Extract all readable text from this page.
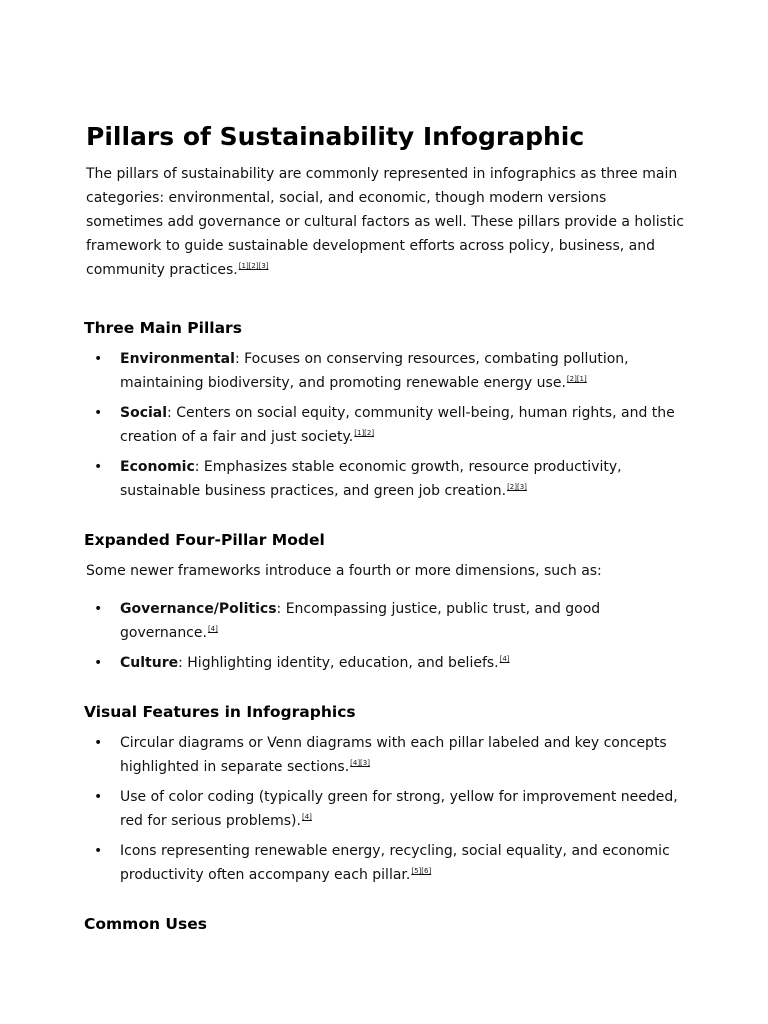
Pillars of Sustainability Infographic

The pillars of sustainability are commonly represented in infographics as three main categories: environmental, social, and economic, though modern versions sometimes add governance or cultural factors as well. These pillars provide a holistic framework to guide sustainable development efforts across policy, business, and community practices.[1][2][3]

Three Main Pillars
• Environmental: Focuses on conserving resources, combating pollution, maintaining biodiversity, and promoting renewable energy use.[2][1]
• Social: Centers on social equity, community well-being, human rights, and the creation of a fair and just society.[1][2]
• Economic: Emphasizes stable economic growth, resource productivity, sustainable business practices, and green job creation.[2][3]
Expanded Four-Pillar Model

Some newer frameworks introduce a fourth or more dimensions, such as:

• Governance/Politics: Encompassing justice, public trust, and good governance.[4]
• Culture: Highlighting identity, education, and beliefs.[4]
Visual Features in Infographics
• Circular diagrams or Venn diagrams with each pillar labeled and key concepts highlighted in separate sections.[4][3]
• Use of color coding (typically green for strong, yellow for improvement needed, red for serious problems).[4]
• Icons representing renewable energy, recycling, social equality, and economic productivity often accompany each pillar.[5][6]
Common Uses
